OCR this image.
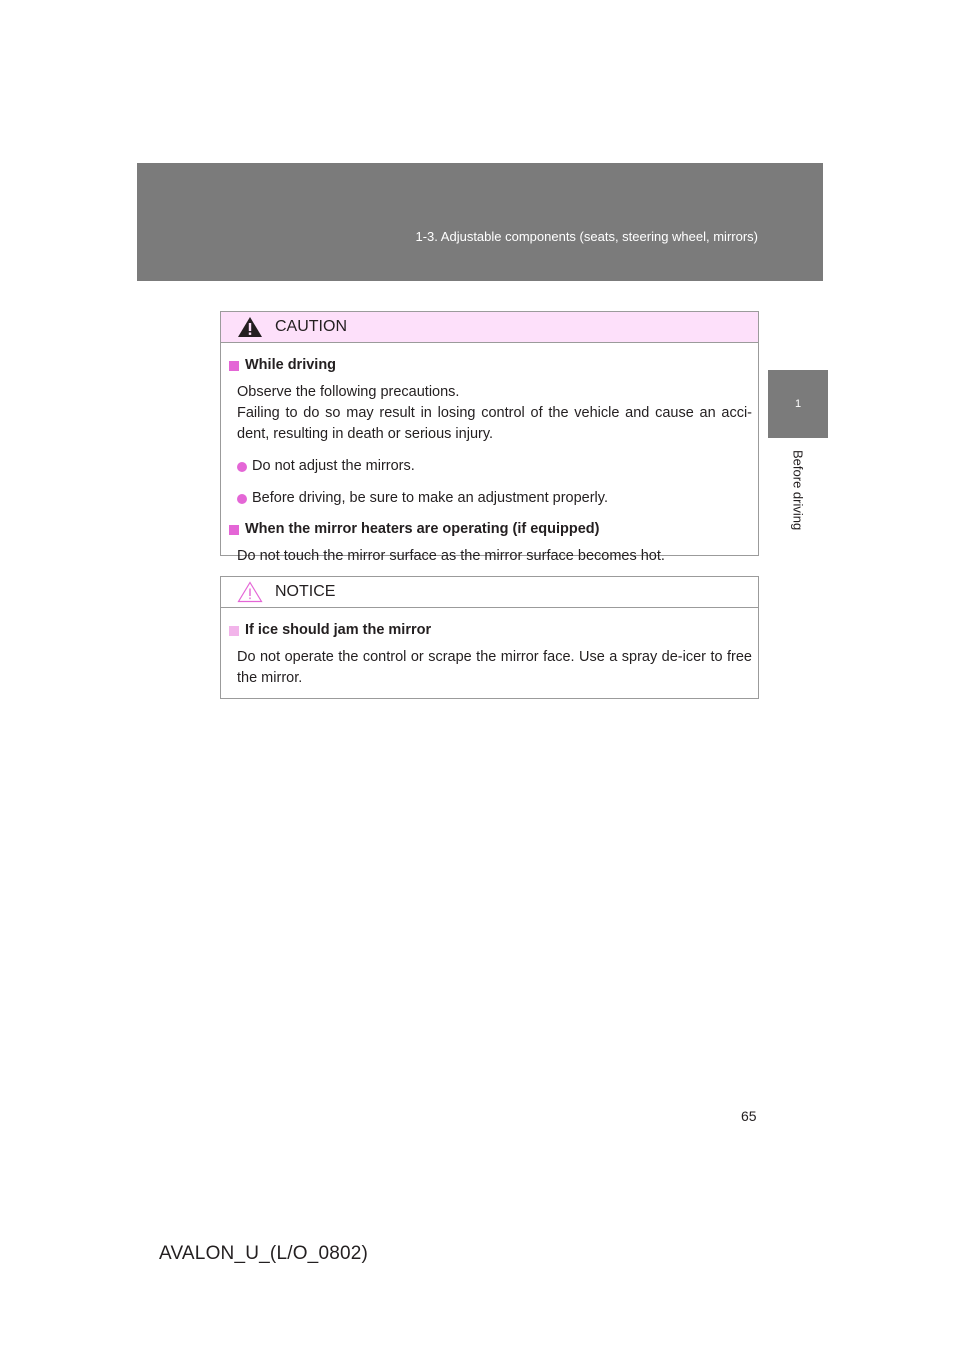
1-3. Adjustable components (seats, steering wheel, mirrors)
1
Before driving
CAUTION
While driving
Observe the following precautions.
Failing to do so may result in losing control of the vehicle and cause an acci-dent, resulting in death or serious injury.
Do not adjust the mirrors.
Before driving, be sure to make an adjustment properly.
When the mirror heaters are operating (if equipped)
Do not touch the mirror surface as the mirror surface becomes hot.
NOTICE
If ice should jam the mirror
Do not operate the control or scrape the mirror face. Use a spray de-icer to free the mirror.
65
AVALON_U_(L/O_0802)
